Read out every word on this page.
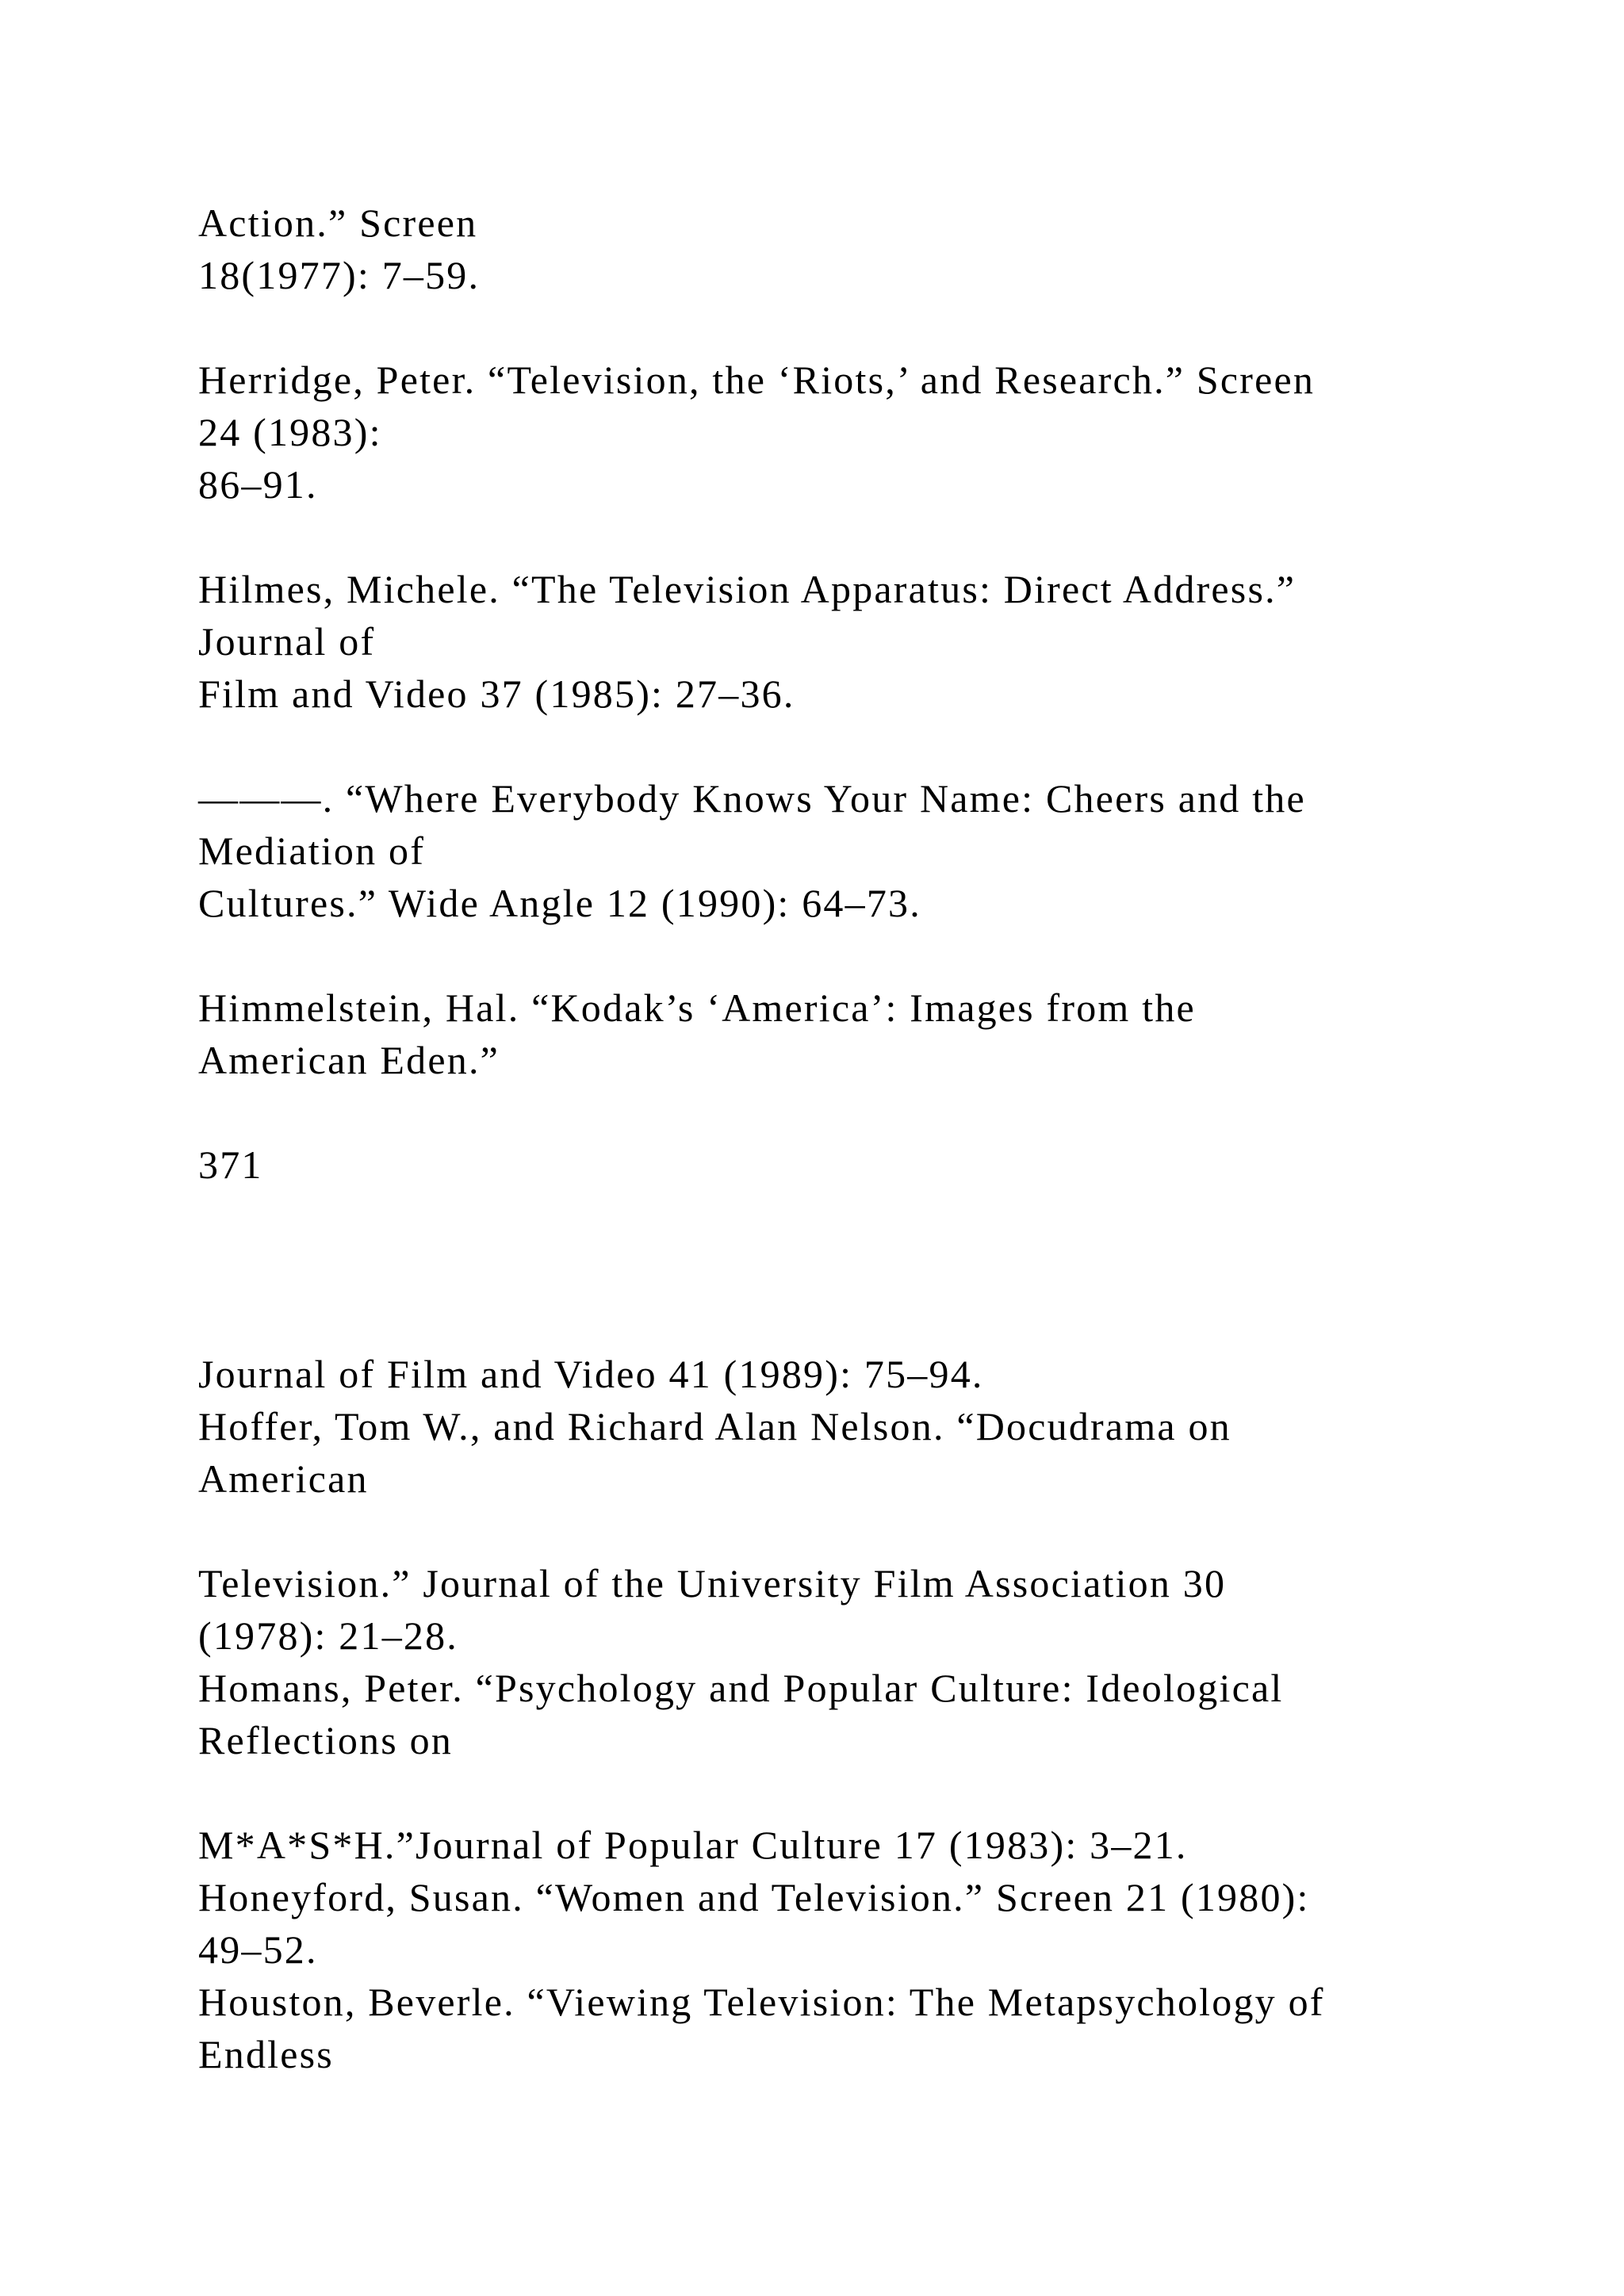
Action.” Screen

18(1977): 7–59.

Herridge, Peter. “Television, the ‘Riots,’ and Research.” Screen

24 (1983):

86–91.

Hilmes, Michele. “The Television Apparatus: Direct Address.”

Journal of

Film and Video 37 (1985): 27–36.

———. “Where Everybody Knows Your Name: Cheers and the

Mediation of

Cultures.” Wide Angle 12 (1990): 64–73.

Himmelstein, Hal. “Kodak’s ‘America’: Images from the

American Eden.”

371

Journal of Film and Video 41 (1989): 75–94.

Hoffer, Tom W., and Richard Alan Nelson. “Docudrama on

American

Television.” Journal of the University Film Association 30

(1978): 21–28.

Homans, Peter. “Psychology and Popular Culture: Ideological

Reflections on

M*A*S*H.”Journal of Popular Culture 17 (1983): 3–21.

Honeyford, Susan. “Women and Television.” Screen 21 (1980):

49–52.

Houston, Beverle. “Viewing Television: The Metapsychology of

Endless
